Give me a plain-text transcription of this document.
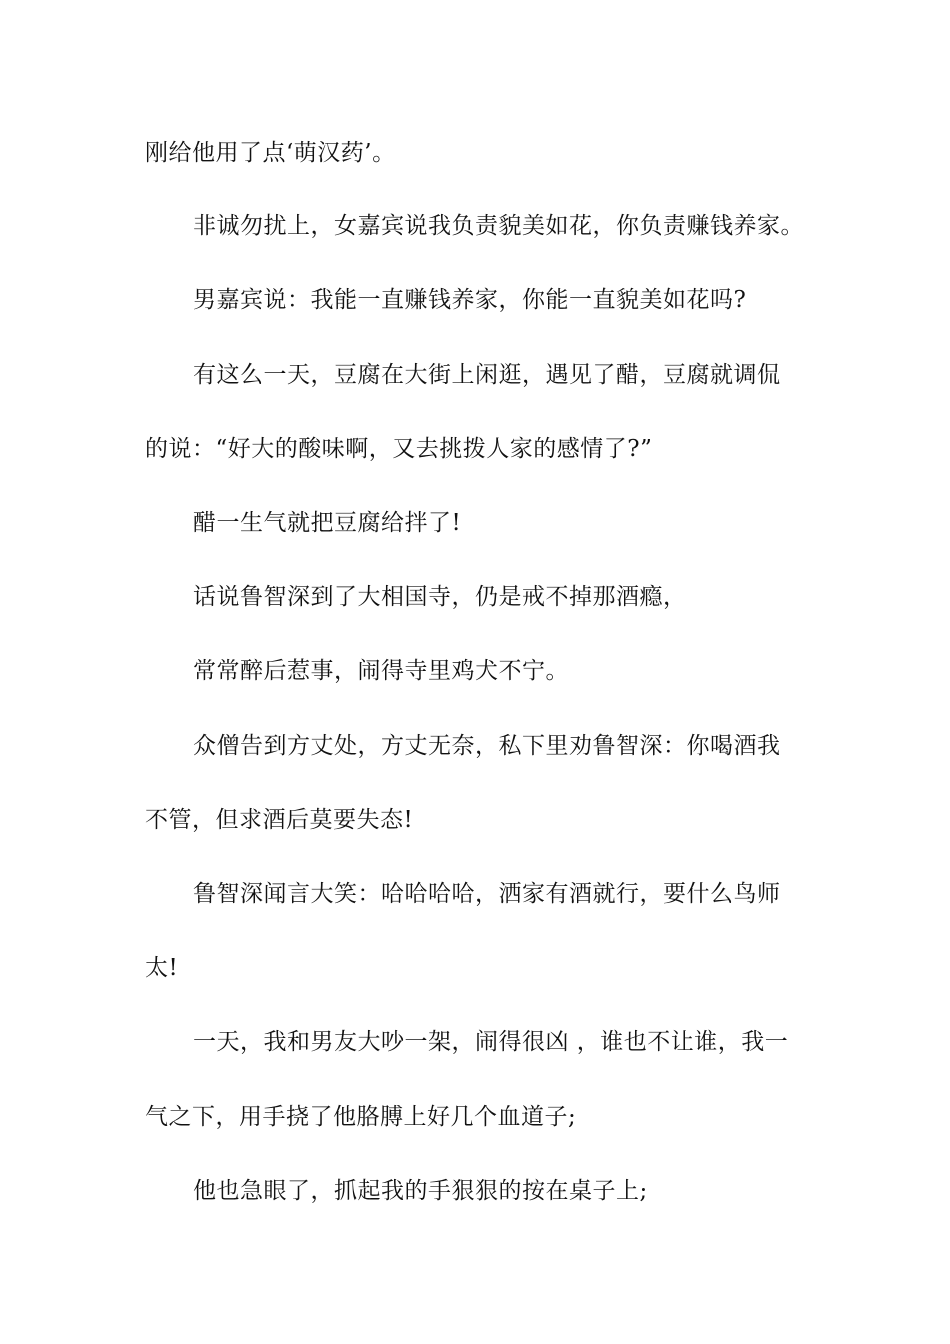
刚给他用了点‘萌汉药’。
非诚勿扰上，女嘉宾说我负责貌美如花，你负责赚钱养家。
男嘉宾说：我能一直赚钱养家，你能一直貌美如花吗?
有这么一天，豆腐在大街上闲逛，遇见了醋，豆腐就调侃
的说：“好大的酸味啊，又去挑拨人家的感情了?”
醋一生气就把豆腐给拌了!
话说鲁智深到了大相国寺，仍是戒不掉那酒瘾，
常常醉后惹事，闹得寺里鸡犬不宁。
众僧告到方丈处，方丈无奈，私下里劝鲁智深：你喝酒我
不管，但求酒后莫要失态!
鲁智深闻言大笑：哈哈哈哈，洒家有酒就行，要什么鸟师
太!
一天，我和男友大吵一架，闹得很凶 ，谁也不让谁，我一
气之下，用手挠了他胳膊上好几个血道子;
他也急眼了，抓起我的手狠狠的按在桌子上;
